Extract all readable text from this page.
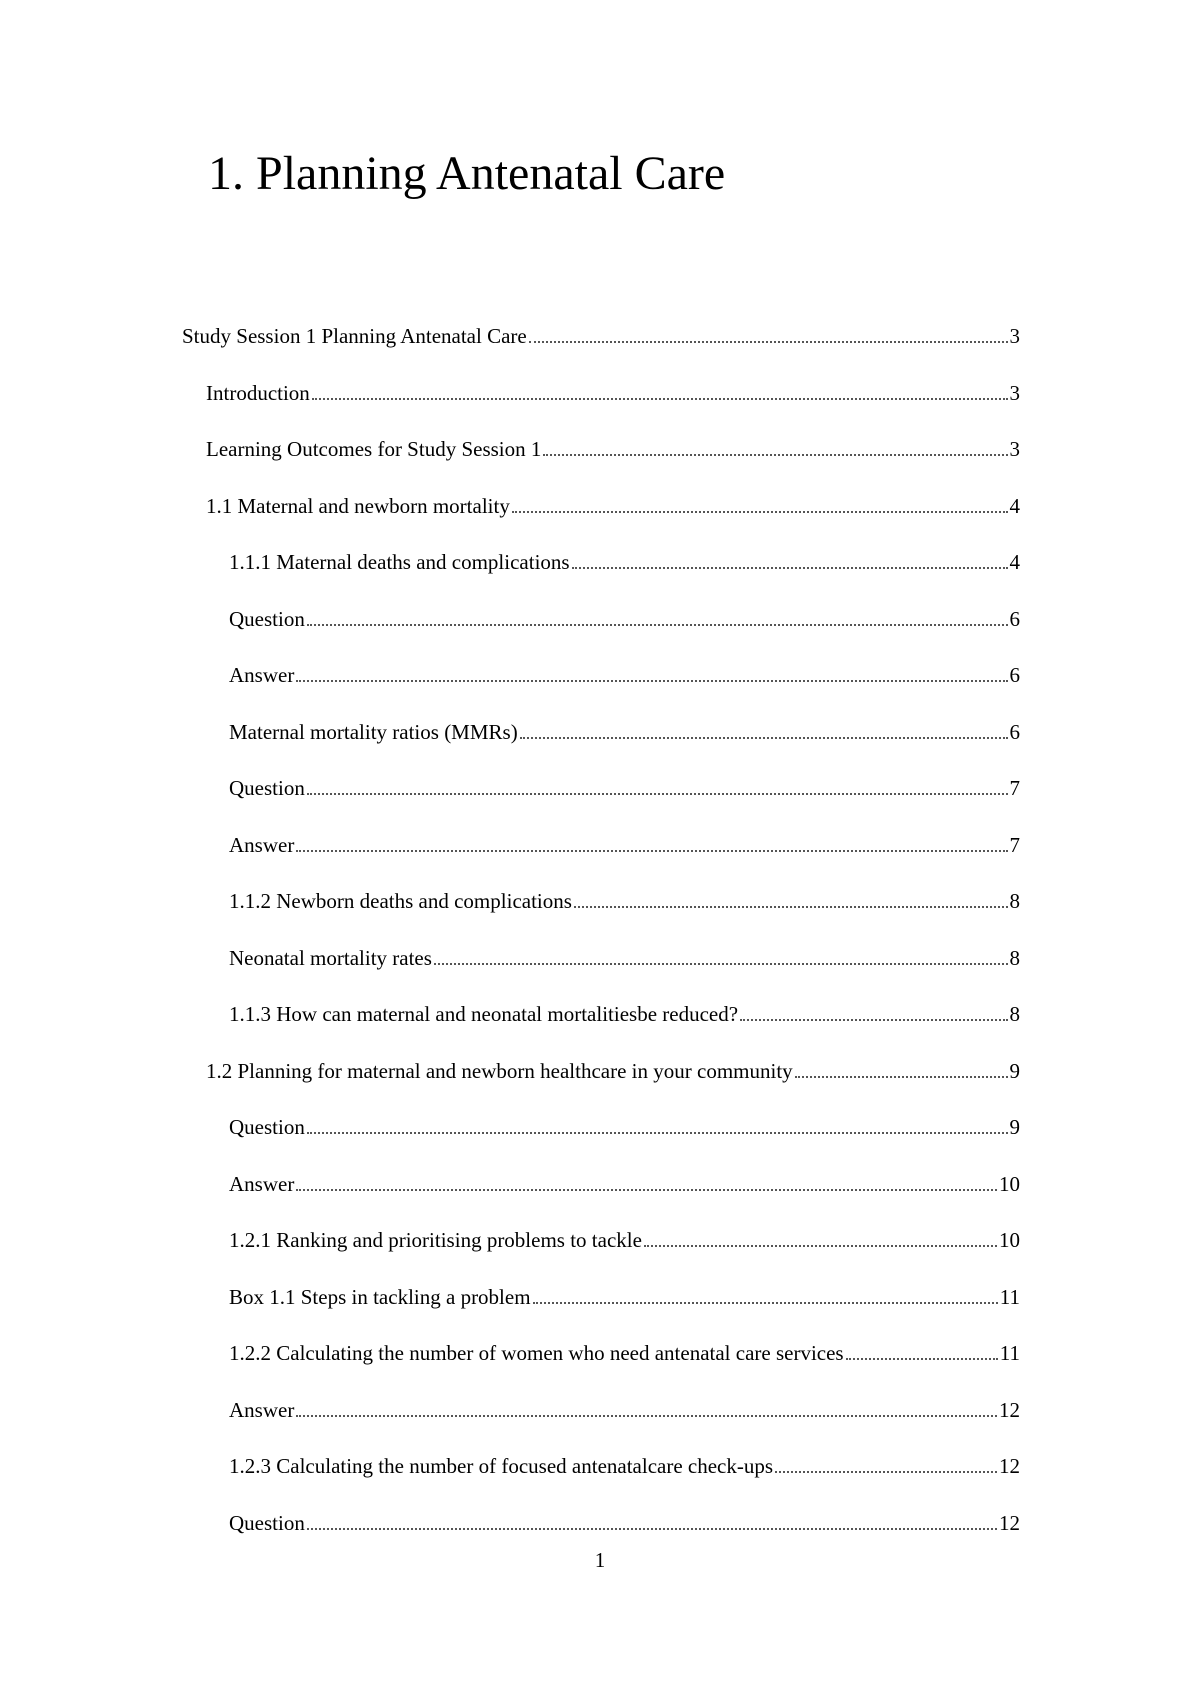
1. Planning Antenatal Care
Study Session 1 Planning Antenatal Care	3
Introduction	3
Learning Outcomes for Study Session 1	3
1.1 Maternal and newborn mortality	4
1.1.1 Maternal deaths and complications	4
Question	6
Answer	6
Maternal mortality ratios (MMRs)	6
Question	7
Answer	7
1.1.2 Newborn deaths and complications	8
Neonatal mortality rates	8
1.1.3 How can maternal and neonatal mortalitiesbe reduced?	8
1.2 Planning for maternal and newborn healthcare in your community	9
Question	9
Answer	10
1.2.1 Ranking and prioritising problems to tackle	10
Box 1.1 Steps in tackling a problem	11
1.2.2 Calculating the number of women who need antenatal care services	11
Answer	12
1.2.3 Calculating the number of focused antenatalcare check-ups	12
Question	12
1
